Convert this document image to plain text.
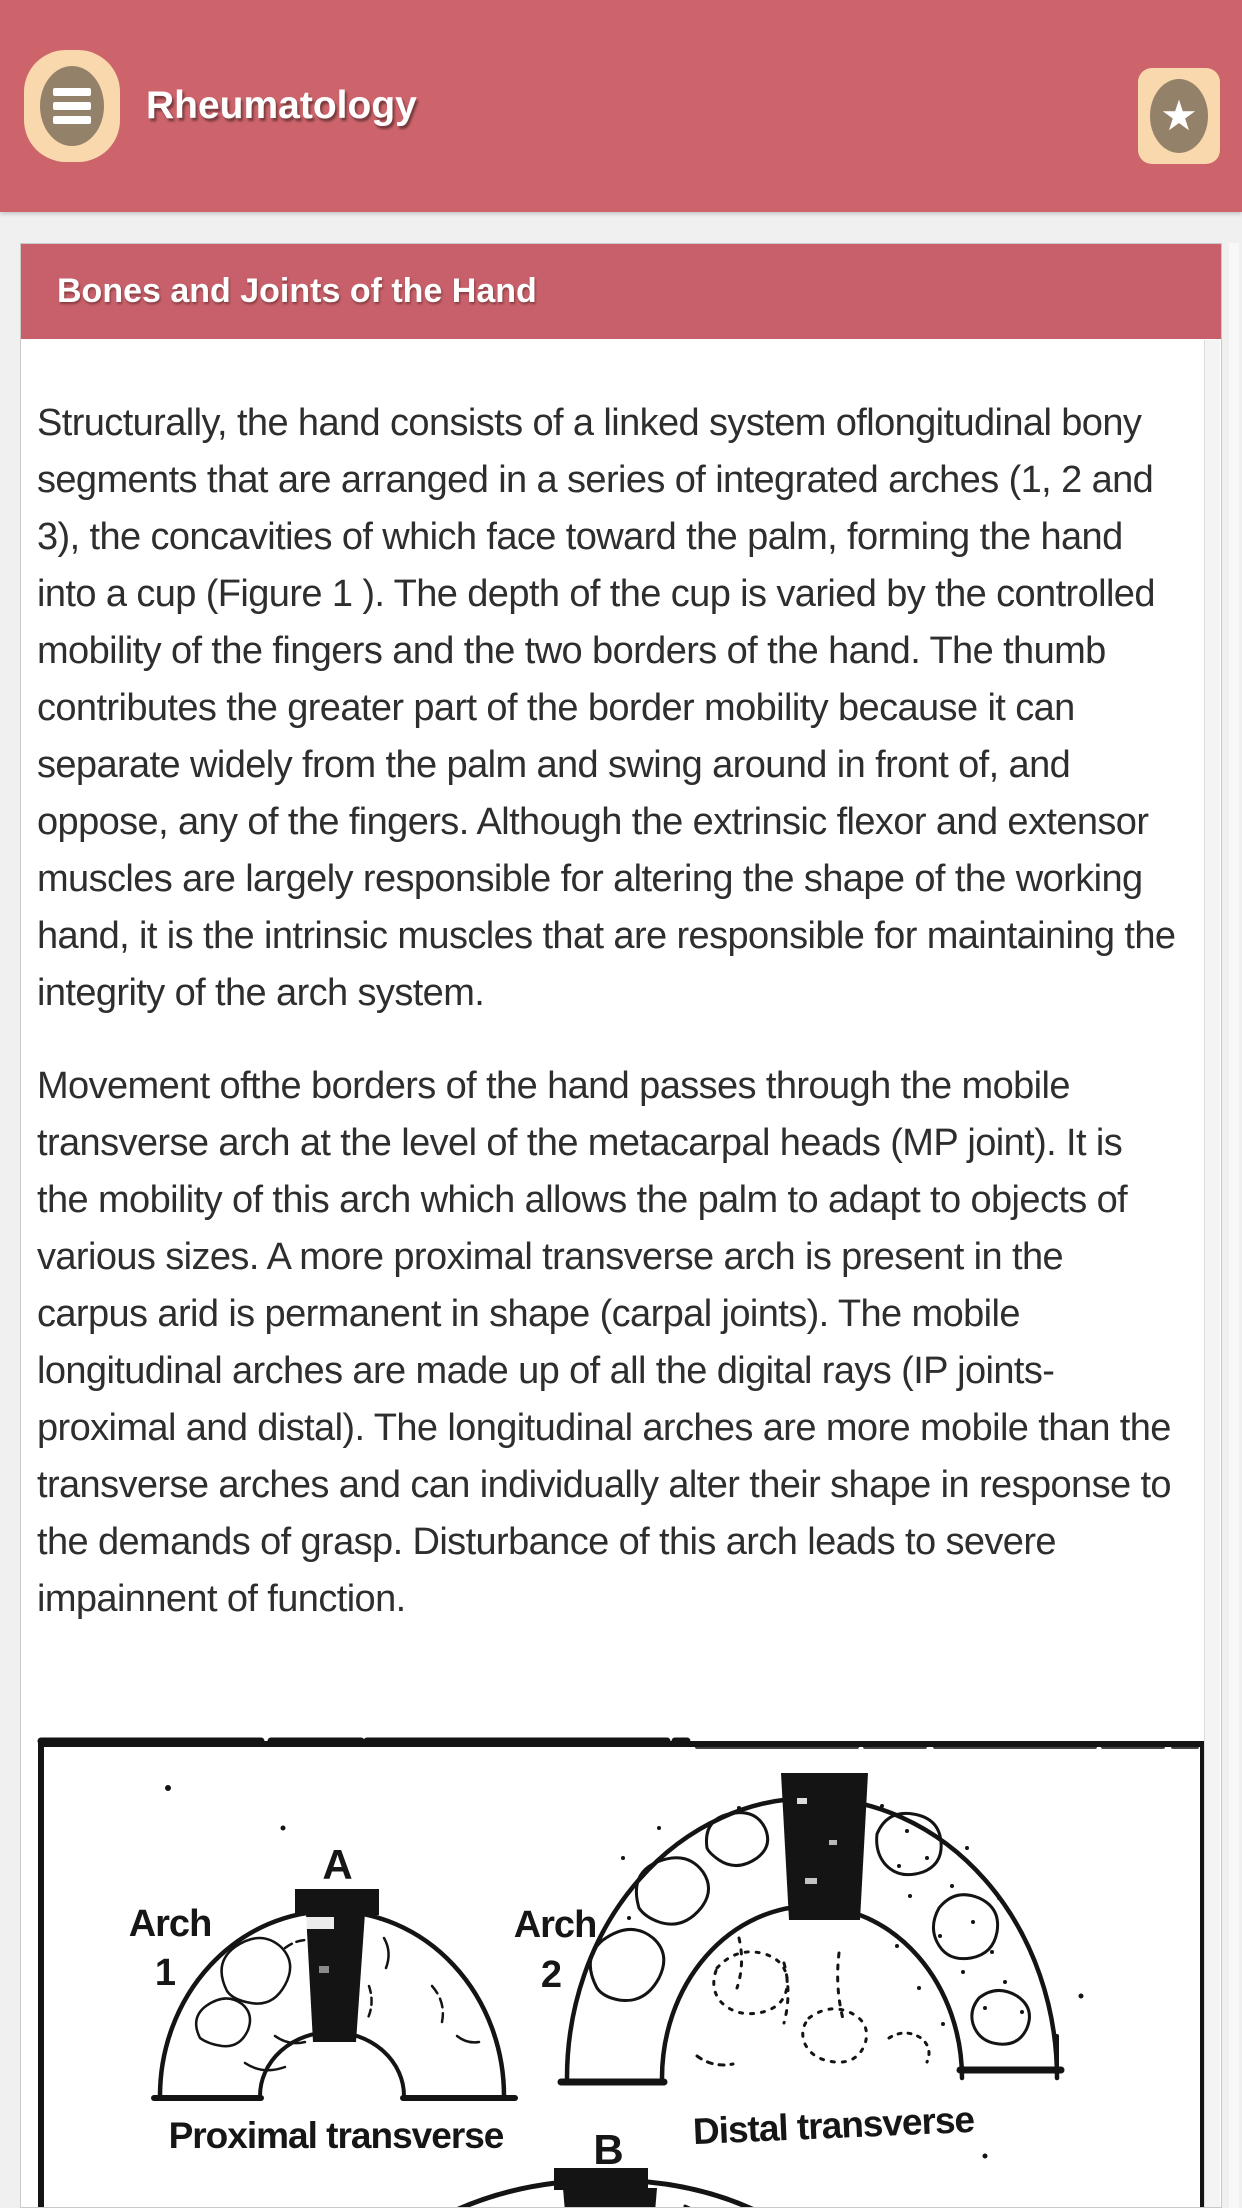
Rheumatology	★
Bones and Joints of the Hand

Structurally, the hand consists of a linked system oflongitudinal bony segments that are arranged in a series of integrated arches (1, 2 and 3), the concavities of which face toward the palm, forming the hand into a cup (Figure 1 ). The depth of the cup is varied by the controlled mobility of the fingers and the two borders of the hand. The thumb contributes the greater part of the border mobility because it can separate widely from the palm and swing around in front of, and oppose, any of the fingers. Although the extrinsic flexor and extensor muscles are largely responsible for altering the shape of the working hand, it is the intrinsic muscles that are responsible for maintaining the integrity of the arch system.

Movement ofthe borders of the hand passes through the mobile transverse arch at the level of the metacarpal heads (MP joint). It is the mobility of this arch which allows the palm to adapt to objects of various sizes. A more proximal transverse arch is present in the carpus arid is permanent in shape (carpal joints). The mobile longitudinal arches are made up of all the digital rays (IP joints- proximal and distal). The longitudinal arches are more mobile than the transverse arches and can individually alter their shape in response to the demands of grasp. Disturbance of this arch leads to severe impainnent of function.

A
Arch
1
Arch
2
Proximal transverse	Distal transverse
B
